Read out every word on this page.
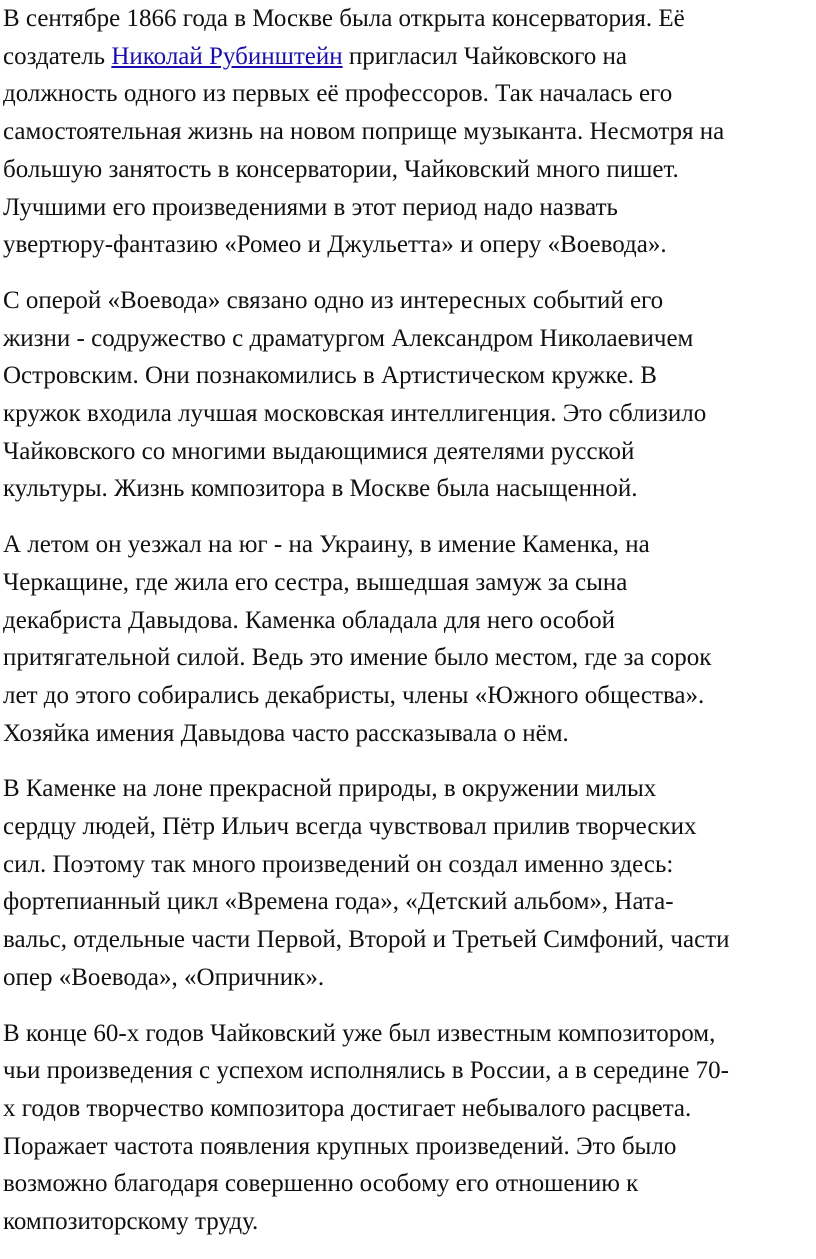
В сентябре 1866 года в Москве была открыта консерватория. Её
создатель Николай Рубинштейн пригласил Чайковского на
должность одного из первых её профессоров. Так началась его
самостоятельная жизнь на новом поприще музыканта. Несмотря на
большую занятость в консерватории, Чайковский много пишет.
Лучшими его произведениями в этот период надо назвать
увертюру-фантазию «Ромео и Джульетта» и оперу «Воевода».

С оперой «Воевода» связано одно из интересных событий его
жизни - содружество с драматургом Александром Николаевичем
Островским. Они познакомились в Артистическом кружке. В
кружок входила лучшая московская интеллигенция. Это сблизило
Чайковского со многими выдающимися деятелями русской
культуры. Жизнь композитора в Москве была насыщенной.

А летом он уезжал на юг - на Украину, в имение Каменка, на
Черкащине, где жила его сестра, вышедшая замуж за сына
декабриста Давыдова. Каменка обладала для него особой
притягательной силой. Ведь это имение было местом, где за сорок
лет до этого собирались декабристы, члены «Южного общества».
Хозяйка имения Давыдова часто рассказывала о нём.

В Каменке на лоне прекрасной природы, в окружении милых
сердцу людей, Пётр Ильич всегда чувствовал прилив творческих
сил. Поэтому так много произведений он создал именно здесь:
фортепианный цикл «Времена года», «Детский альбом», Ната-
вальс, отдельные части Первой, Второй и Третьей Симфоний, части
опер «Воевода», «Опричник».

В конце 60-х годов Чайковский уже был известным композитором,
чьи произведения с успехом исполнялись в России, а в середине 70-
х годов творчество композитора достигает небывалого расцвета.
Поражает частота появления крупных произведений. Это было
возможно благодаря совершенно особому его отношению к
композиторскому труду.
